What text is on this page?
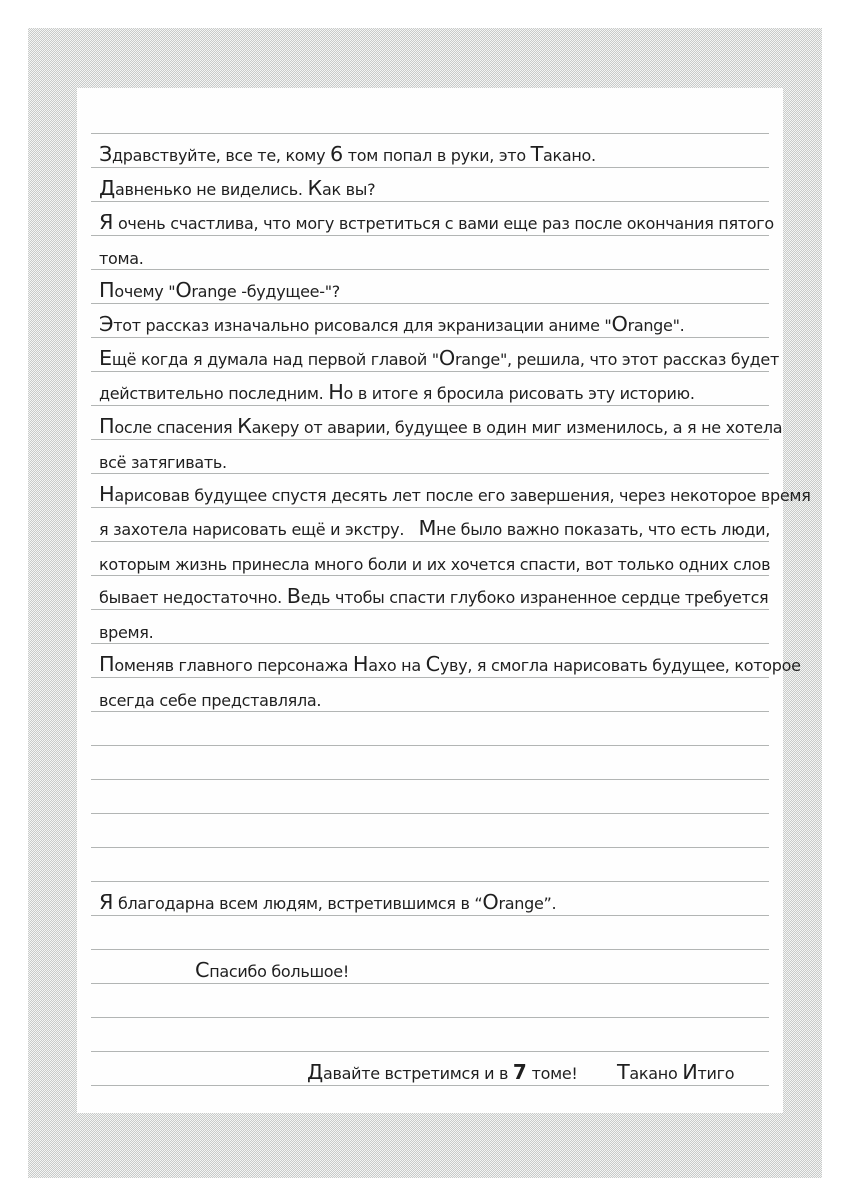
Здравствуйте, все те, кому 6 том попал в руки, это Такано.
Давненько не виделись. Как вы?
Я очень счастлива, что могу встретиться с вами еще раз после окончания пятого
тома.
Почему "Orange -будущее-"?
Этот рассказ изначально рисовался для экранизации аниме "Orange".
Ещё когда я думала над первой главой "Orange", решила, что этот рассказ будет
действительно последним. Но в итоге я бросила рисовать эту историю.
После спасения Какеру от аварии, будущее в один миг изменилось, а я не хотела
всё затягивать.
Нарисовав будущее спустя десять лет после его завершения, через некоторое время
я захотела нарисовать ещё и экстру.   Мне было важно показать, что есть люди,
которым жизнь принесла много боли и их хочется спасти, вот только одних слов
бывает недостаточно. Ведь чтобы спасти глубоко израненное сердце требуется
время.
Поменяв главного персонажа Нахо на Суву, я смогла нарисовать будущее, которое
всегда себе представляла.
Я благодарна всем людям, встретившимся в “Orange”.
Спасибо большое!
Давайте встретимся и в 7 томе! Такано Итиго
